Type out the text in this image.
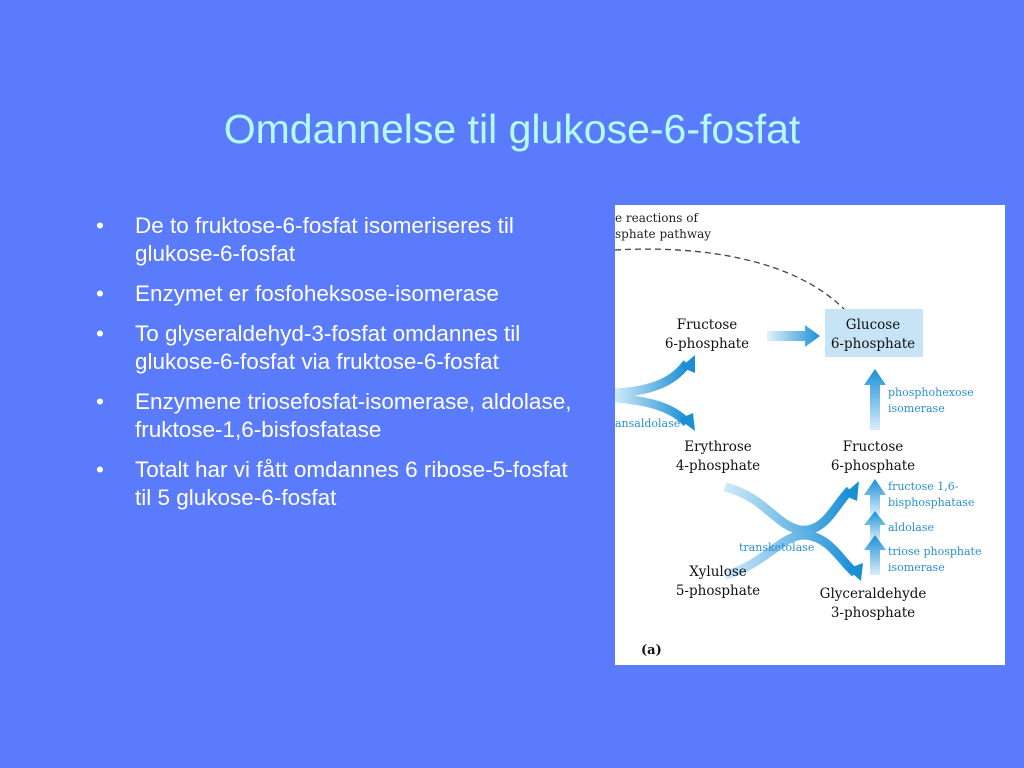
Omdannelse til glukose-6-fosfat
• De to fruktose-6-fosfat isomeriseres til glukose-6-fosfat
• Enzymet er fosfoheksose-isomerase
• To glyseraldehyd-3-fosfat omdannes til glukose-6-fosfat via fruktose-6-fosfat
• Enzymene triosefosfat-isomerase, aldolase, fruktose-1,6-bisfosfatase
• Totalt har vi fått omdannes 6 ribose-5-fosfat til 5 glukose-6-fosfat
e reactions of
sphate pathway
Fructose
6-phosphate
Glucose
6-phosphate
phosphohexose
isomerase
ansaldolase
Erythrose
4-phosphate
Fructose
6-phosphate
transketolase
fructose 1,6-
bisphosphatase
aldolase
triose phosphate
isomerase
Xylulose
5-phosphate	Glyceraldehyde
3-phosphate
(a)
